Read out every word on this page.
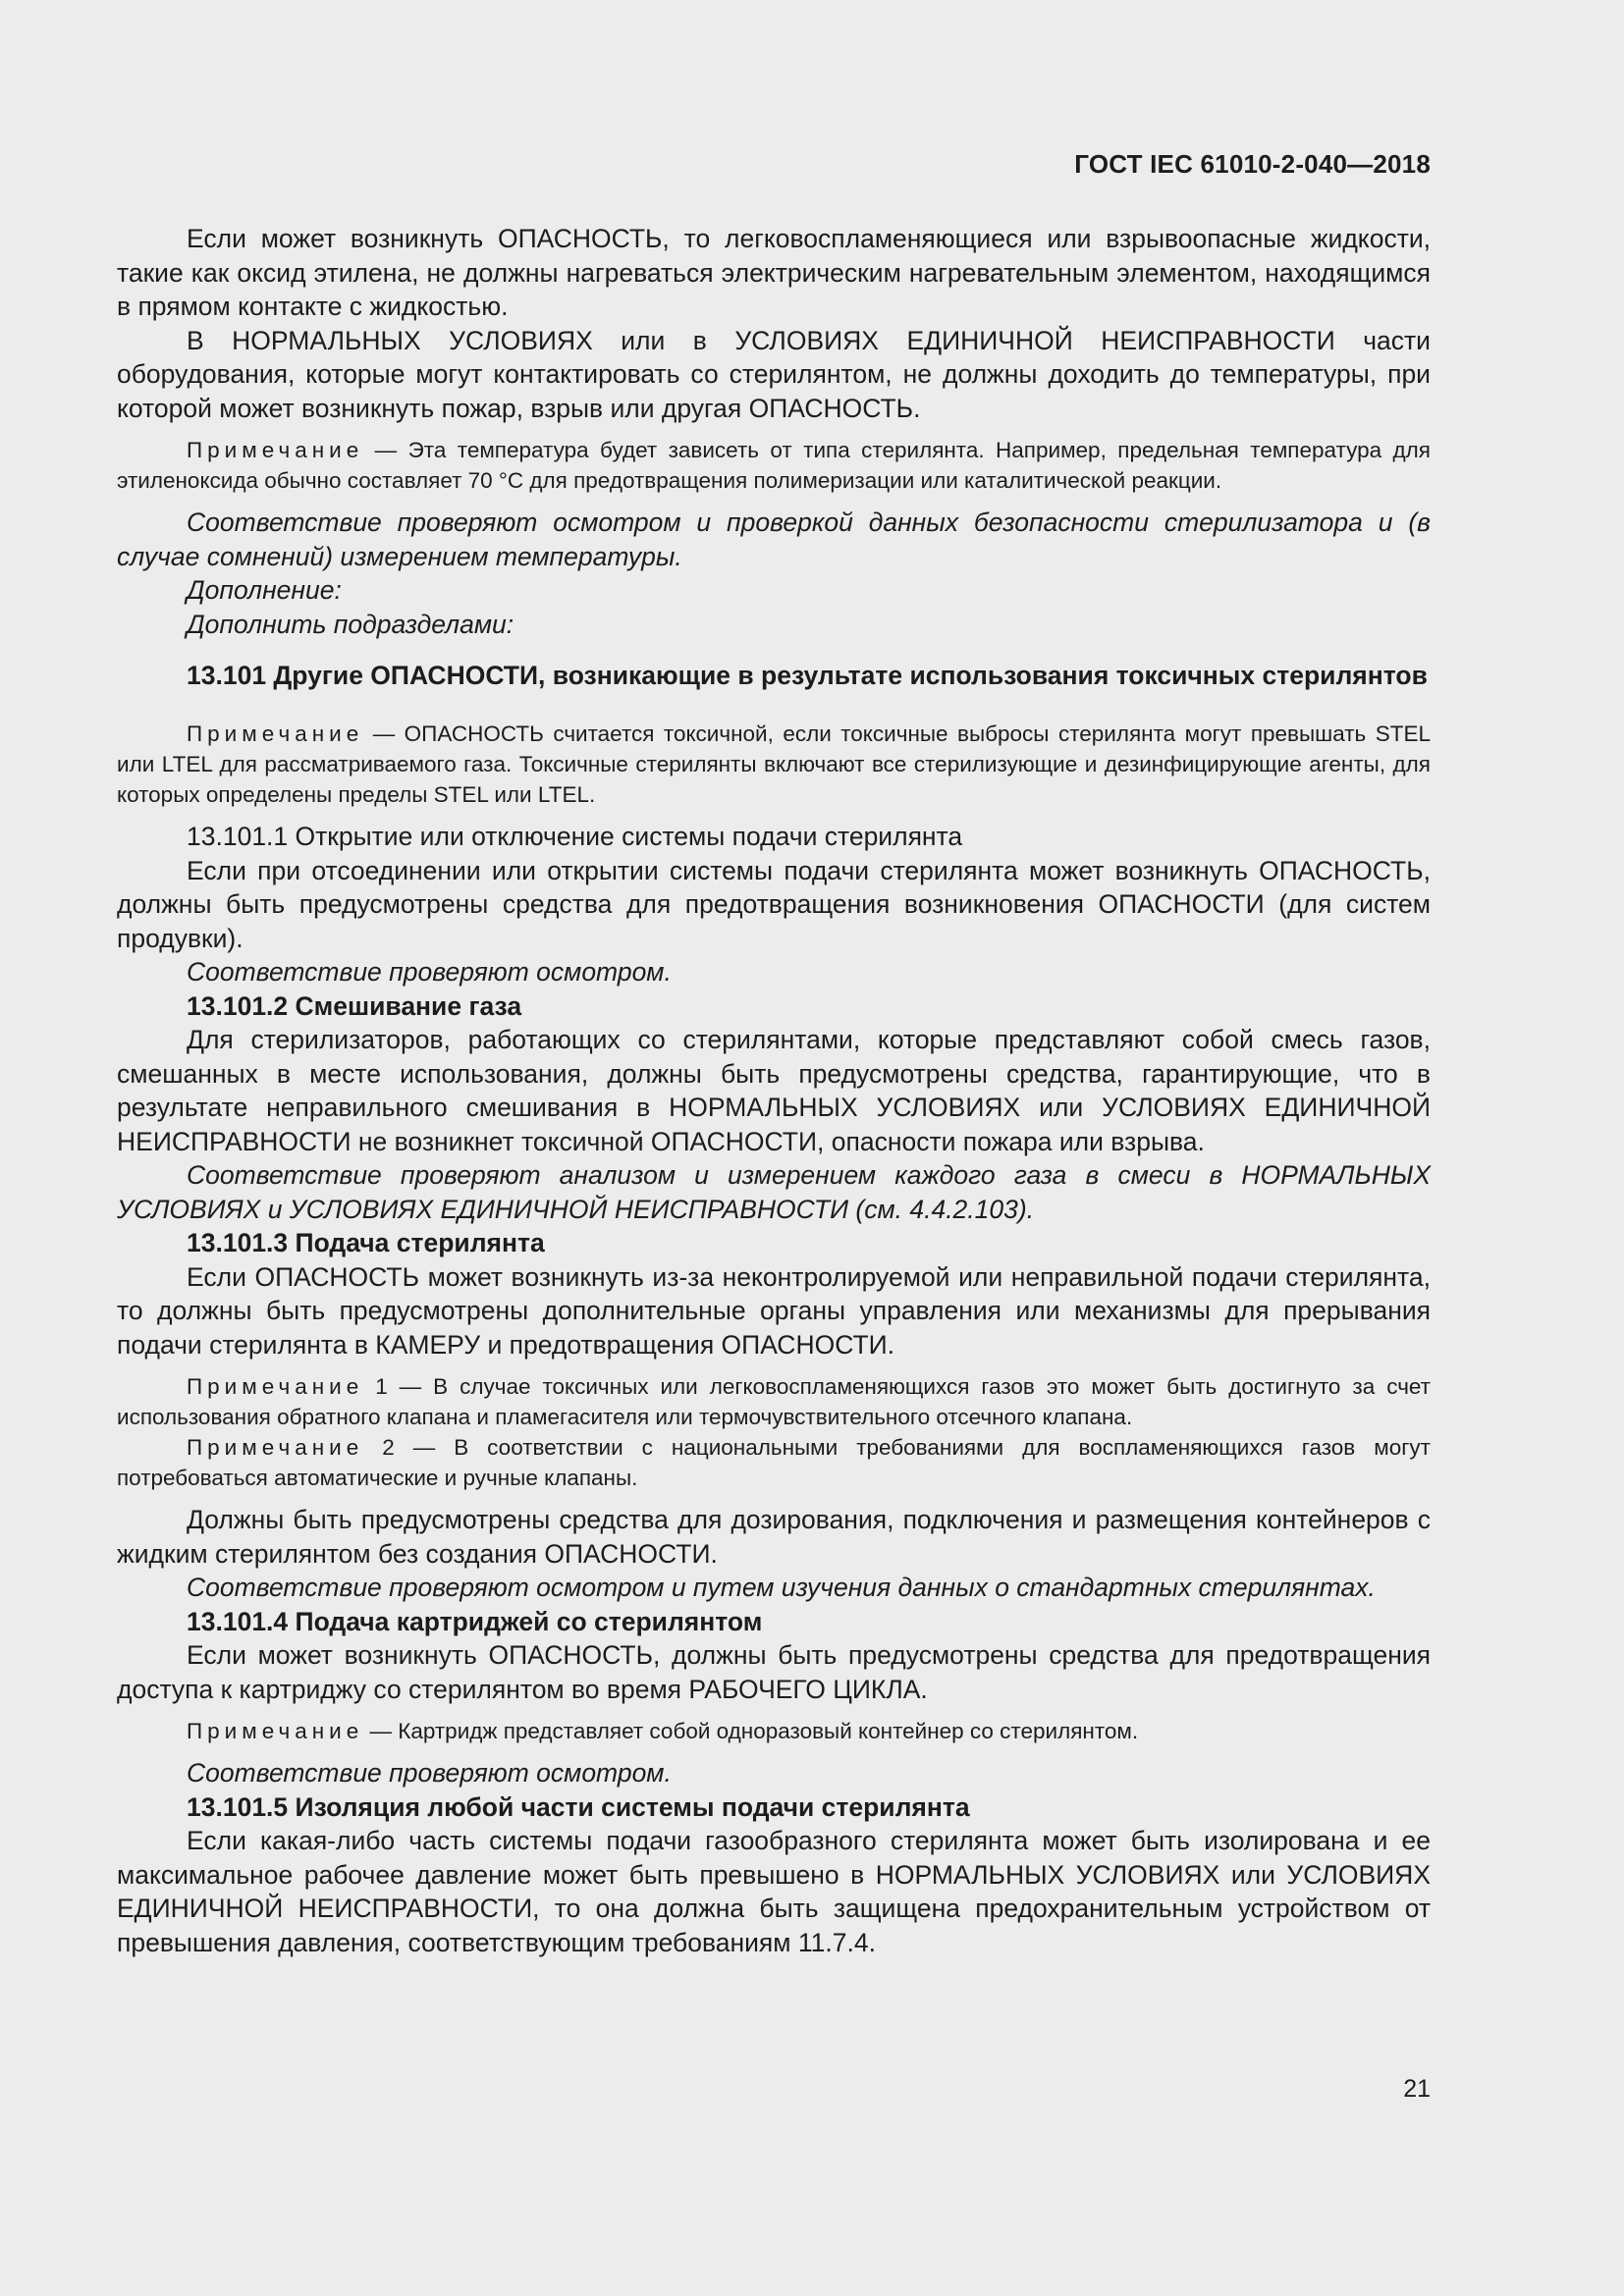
ГОСТ IEC 61010-2-040—2018

Если может возникнуть ОПАСНОСТЬ, то легковоспламеняющиеся или взрывоопасные жидкости, такие как оксид этилена, не должны нагреваться электрическим нагревательным элементом, находящимся в прямом контакте с жидкостью.

В НОРМАЛЬНЫХ УСЛОВИЯХ или в УСЛОВИЯХ ЕДИНИЧНОЙ НЕИСПРАВНОСТИ части оборудования, которые могут контактировать со стерилянтом, не должны доходить до температуры, при которой может возникнуть пожар, взрыв или другая ОПАСНОСТЬ.

Примечание — Эта температура будет зависеть от типа стерилянта. Например, предельная температура для этиленоксида обычно составляет 70 °C для предотвращения полимеризации или каталитической реакции.

Соответствие проверяют осмотром и проверкой данных безопасности стерилизатора и (в случае сомнений) измерением температуры.

Дополнение:

Дополнить подразделами:

13.101 Другие ОПАСНОСТИ, возникающие в результате использования токсичных стерилянтов

Примечание — ОПАСНОСТЬ считается токсичной, если токсичные выбросы стерилянта могут превышать STEL или LTEL для рассматриваемого газа. Токсичные стерилянты включают все стерилизующие и дезинфицирующие агенты, для которых определены пределы STEL или LTEL.

13.101.1 Открытие или отключение системы подачи стерилянта

Если при отсоединении или открытии системы подачи стерилянта может возникнуть ОПАСНОСТЬ, должны быть предусмотрены средства для предотвращения возникновения ОПАСНОСТИ (для систем продувки).

Соответствие проверяют осмотром.

13.101.2 Смешивание газа

Для стерилизаторов, работающих со стерилянтами, которые представляют собой смесь газов, смешанных в месте использования, должны быть предусмотрены средства, гарантирующие, что в результате неправильного смешивания в НОРМАЛЬНЫХ УСЛОВИЯХ или УСЛОВИЯХ ЕДИНИЧНОЙ НЕИСПРАВНОСТИ не возникнет токсичной ОПАСНОСТИ, опасности пожара или взрыва.

Соответствие проверяют анализом и измерением каждого газа в смеси в НОРМАЛЬНЫХ УСЛОВИЯХ и УСЛОВИЯХ ЕДИНИЧНОЙ НЕИСПРАВНОСТИ (см. 4.4.2.103).

13.101.3 Подача стерилянта

Если ОПАСНОСТЬ может возникнуть из-за неконтролируемой или неправильной подачи стерилянта, то должны быть предусмотрены дополнительные органы управления или механизмы для прерывания подачи стерилянта в КАМЕРУ и предотвращения ОПАСНОСТИ.

Примечание 1 — В случае токсичных или легковоспламеняющихся газов это может быть достигнуто за счет использования обратного клапана и пламегасителя или термочувствительного отсечного клапана.

Примечание 2 — В соответствии с национальными требованиями для воспламеняющихся газов могут потребоваться автоматические и ручные клапаны.

Должны быть предусмотрены средства для дозирования, подключения и размещения контейнеров с жидким стерилянтом без создания ОПАСНОСТИ.

Соответствие проверяют осмотром и путем изучения данных о стандартных стерилянтах.

13.101.4 Подача картриджей со стерилянтом

Если может возникнуть ОПАСНОСТЬ, должны быть предусмотрены средства для предотвращения доступа к картриджу со стерилянтом во время РАБОЧЕГО ЦИКЛА.

Примечание — Картридж представляет собой одноразовый контейнер со стерилянтом.

Соответствие проверяют осмотром.

13.101.5 Изоляция любой части системы подачи стерилянта

Если какая-либо часть системы подачи газообразного стерилянта может быть изолирована и ее максимальное рабочее давление может быть превышено в НОРМАЛЬНЫХ УСЛОВИЯХ или УСЛОВИЯХ ЕДИНИЧНОЙ НЕИСПРАВНОСТИ, то она должна быть защищена предохранительным устройством от превышения давления, соответствующим требованиям 11.7.4.

21
